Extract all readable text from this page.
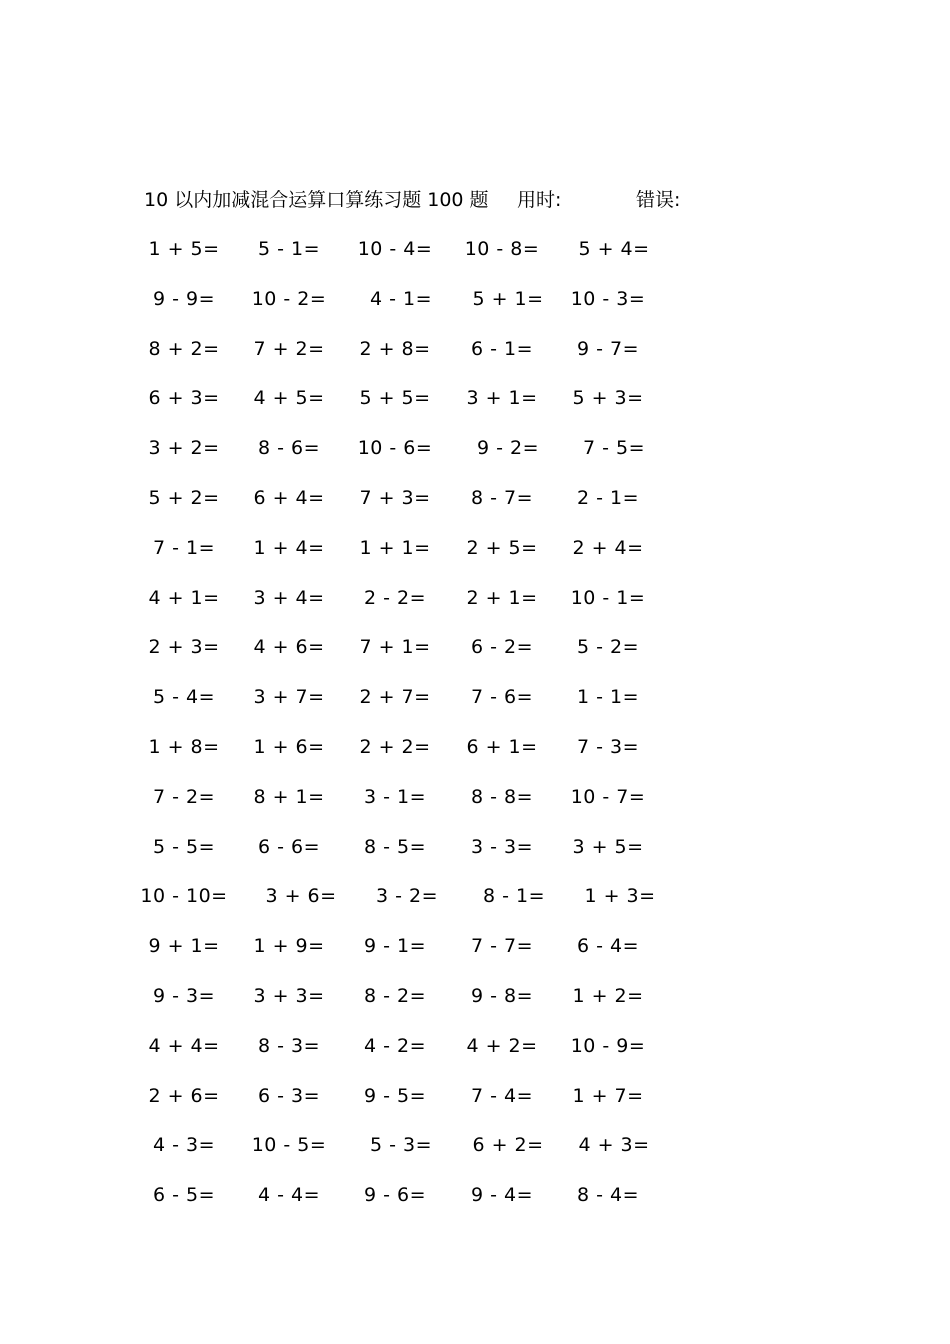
10 以内加减混合运算口算练习题 100 题 用时:	错误:
1 + 5=	5 - 1=	10 - 4=	10 - 8=	5 + 4=
9 - 9=	10 - 2=	4 - 1=	5 + 1=	10 - 3=
8 + 2=	7 + 2=	2 + 8=	6 - 1=	9 - 7=
6 + 3=	4 + 5=	5 + 5=	3 + 1=	5 + 3=
3 + 2=	8 - 6=	10 - 6=	9 - 2=	7 - 5=
5 + 2=	6 + 4=	7 + 3=	8 - 7=	2 - 1=
7 - 1=	1 + 4=	1 + 1=	2 + 5=	2 + 4=
4 + 1=	3 + 4=	2 - 2=	2 + 1=	10 - 1=
2 + 3=	4 + 6=	7 + 1=	6 - 2=	5 - 2=
5 - 4=	3 + 7=	2 + 7=	7 - 6=	1 - 1=
1 + 8=	1 + 6=	2 + 2=	6 + 1=	7 - 3=
7 - 2=	8 + 1=	3 - 1=	8 - 8=	10 - 7=
5 - 5=	6 - 6=	8 - 5=	3 - 3=	3 + 5=
10 - 10=	3 + 6=	3 - 2=	8 - 1=	1 + 3=
9 + 1=	1 + 9=	9 - 1=	7 - 7=	6 - 4=
9 - 3=	3 + 3=	8 - 2=	9 - 8=	1 + 2=
4 + 4=	8 - 3=	4 - 2=	4 + 2=	10 - 9=
2 + 6=	6 - 3=	9 - 5=	7 - 4=	1 + 7=
4 - 3=	10 - 5=	5 - 3=	6 + 2=	4 + 3=
6 - 5=	4 - 4=	9 - 6=	9 - 4=	8 - 4=
